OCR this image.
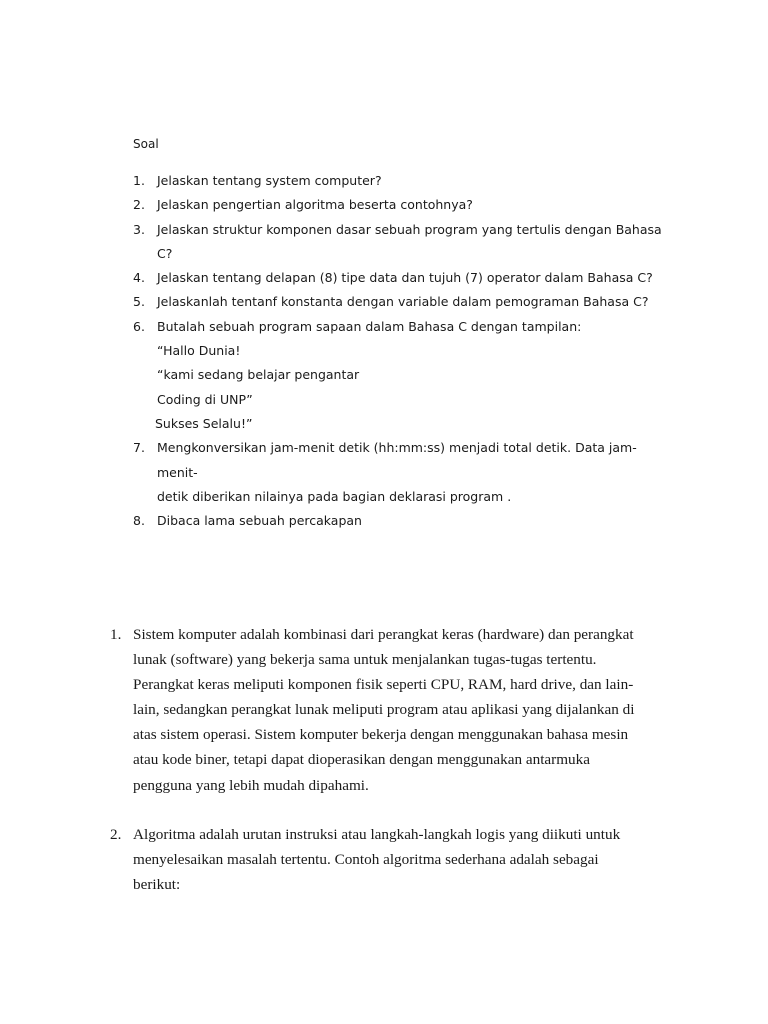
Soal
1. Jelaskan tentang system computer?
2. Jelaskan pengertian algoritma beserta contohnya?
3. Jelaskan struktur komponen dasar sebuah program yang tertulis dengan Bahasa C?
4. Jelaskan tentang delapan (8) tipe data dan tujuh (7) operator dalam Bahasa C?
5. Jelaskanlah tentanf konstanta dengan variable dalam pemograman Bahasa C?
6. Butalah sebuah program sapaan dalam Bahasa C dengan tampilan:
“Hallo Dunia!
“kami sedang belajar pengantar
Coding di UNP”
Sukses Selalu!”
7. Mengkonversikan jam-menit detik (hh:mm:ss) menjadi total detik. Data jam-menit-
detik diberikan nilainya pada bagian deklarasi program .
8. Dibaca lama sebuah percakapan
1. Sistem komputer adalah kombinasi dari perangkat keras (hardware) dan perangkat
lunak (software) yang bekerja sama untuk menjalankan tugas-tugas tertentu.
Perangkat keras meliputi komponen fisik seperti CPU, RAM, hard drive, dan lain-
lain, sedangkan perangkat lunak meliputi program atau aplikasi yang dijalankan di
atas sistem operasi. Sistem komputer bekerja dengan menggunakan bahasa mesin
atau kode biner, tetapi dapat dioperasikan dengan menggunakan antarmuka
pengguna yang lebih mudah dipahami.
2. Algoritma adalah urutan instruksi atau langkah-langkah logis yang diikuti untuk
menyelesaikan masalah tertentu. Contoh algoritma sederhana adalah sebagai
berikut:
